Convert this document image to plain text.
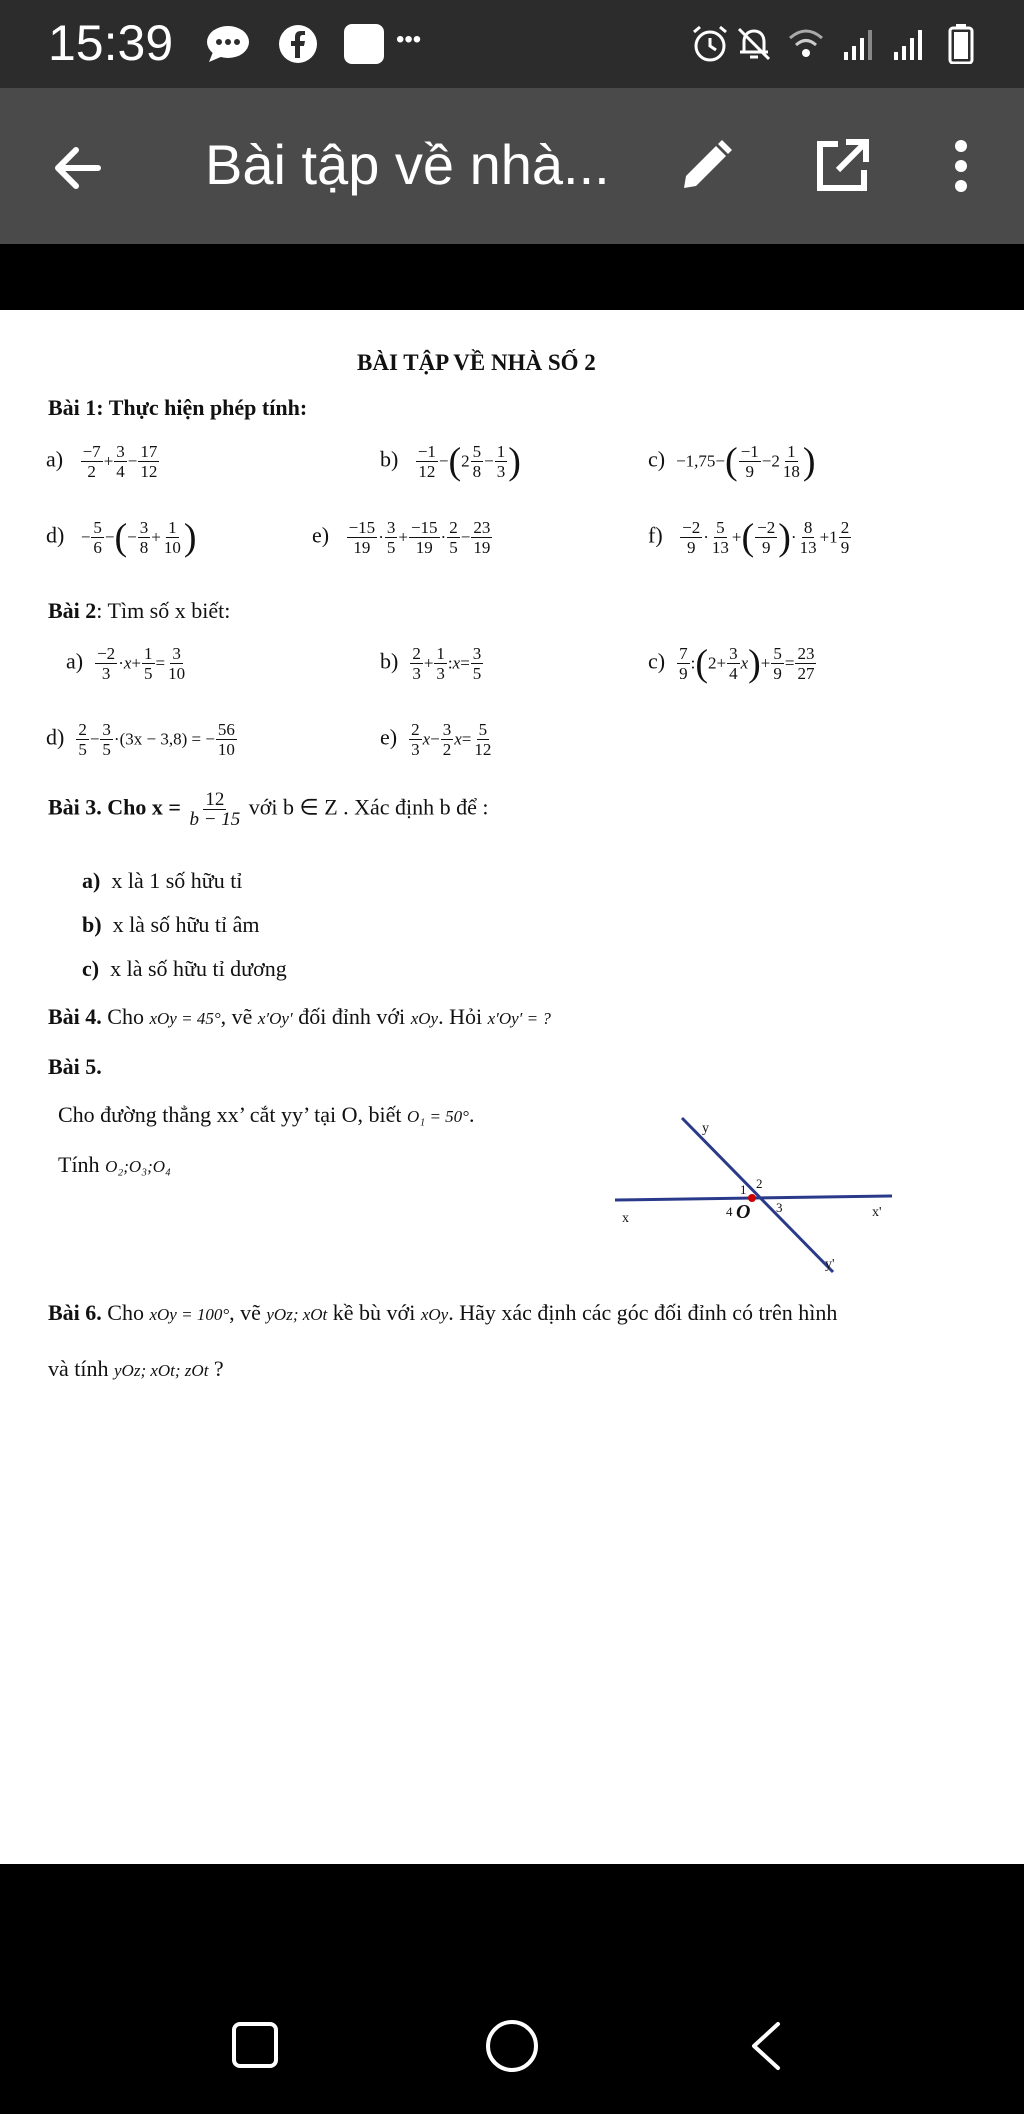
15:39	•••
Bài tập về nhà...
BÀI TẬP VỀ NHÀ SỐ 2
Bài 1: Thực hiện phép tính:
$a) \frac{-7}{2} + \frac{3}{4} - \frac{17}{12}$	$b) \frac{-1}{12} -(2 \frac{5}{8} - \frac{1}{3}$ )	$c) -1,75-( \frac{-1}{9} -2 \frac{1}{18}$ )
$d) - \frac{5}{6}$ −(− $\frac{3}{8} + \frac{1}{10}$ )	$e) \frac{-15}{19} \cdot \frac{3}{5} + \frac{-15}{19} \cdot \frac{2}{5} - \frac{23}{19}$	$f) \frac{-2}{9} \cdot \frac{5}{13}$ +( $\frac{-2}{9}$ )· $\frac{8}{13} +1 \frac{2}{9}$
Bài 2: Tìm số x biết:
$a) \frac{-2}{3} \cdot x+ \frac{1}{5} = \frac{3}{10}$	$b) \frac{2}{3} + \frac{1}{3}$ :x= $\frac{3}{5}$	$c) \frac{7}{9}$ :(2+ $\frac{3}{4} x)+ \frac{5}{9} = \frac{23}{27}$
$d) \frac{2}{5} - \frac{3}{5} \cdot(3x - 3,8)$ = − $\frac{56}{10}$	$e) \frac{2}{3} x- \frac{3}{2} x= \frac{5}{12}$
Bài 3. Cho $x = \frac{12}{b - 15}$ với b ∈ Z . Xác định b để :
a) x là 1 số hữu tỉ
b) x là số hữu tỉ âm
c) x là số hữu tỉ dương
Bài 4. Cho xOy = 45°, vẽ x′Oy′ đối đỉnh với xOy. Hỏi x′Oy′ = ?
Bài 5.
Cho đường thẳng xx’ cắt yy’ tại O, biết O₁ = 50°.
Tính O₂;O₃;O₄
y
x	x'
y'
1 2
3
4 O
Bài 6. Cho xOy = 100°, vẽ yOz; xOt kề bù với xOy. Hãy xác định các góc đối đỉnh có trên hình
và tính yOz; xOt; zOt ?
